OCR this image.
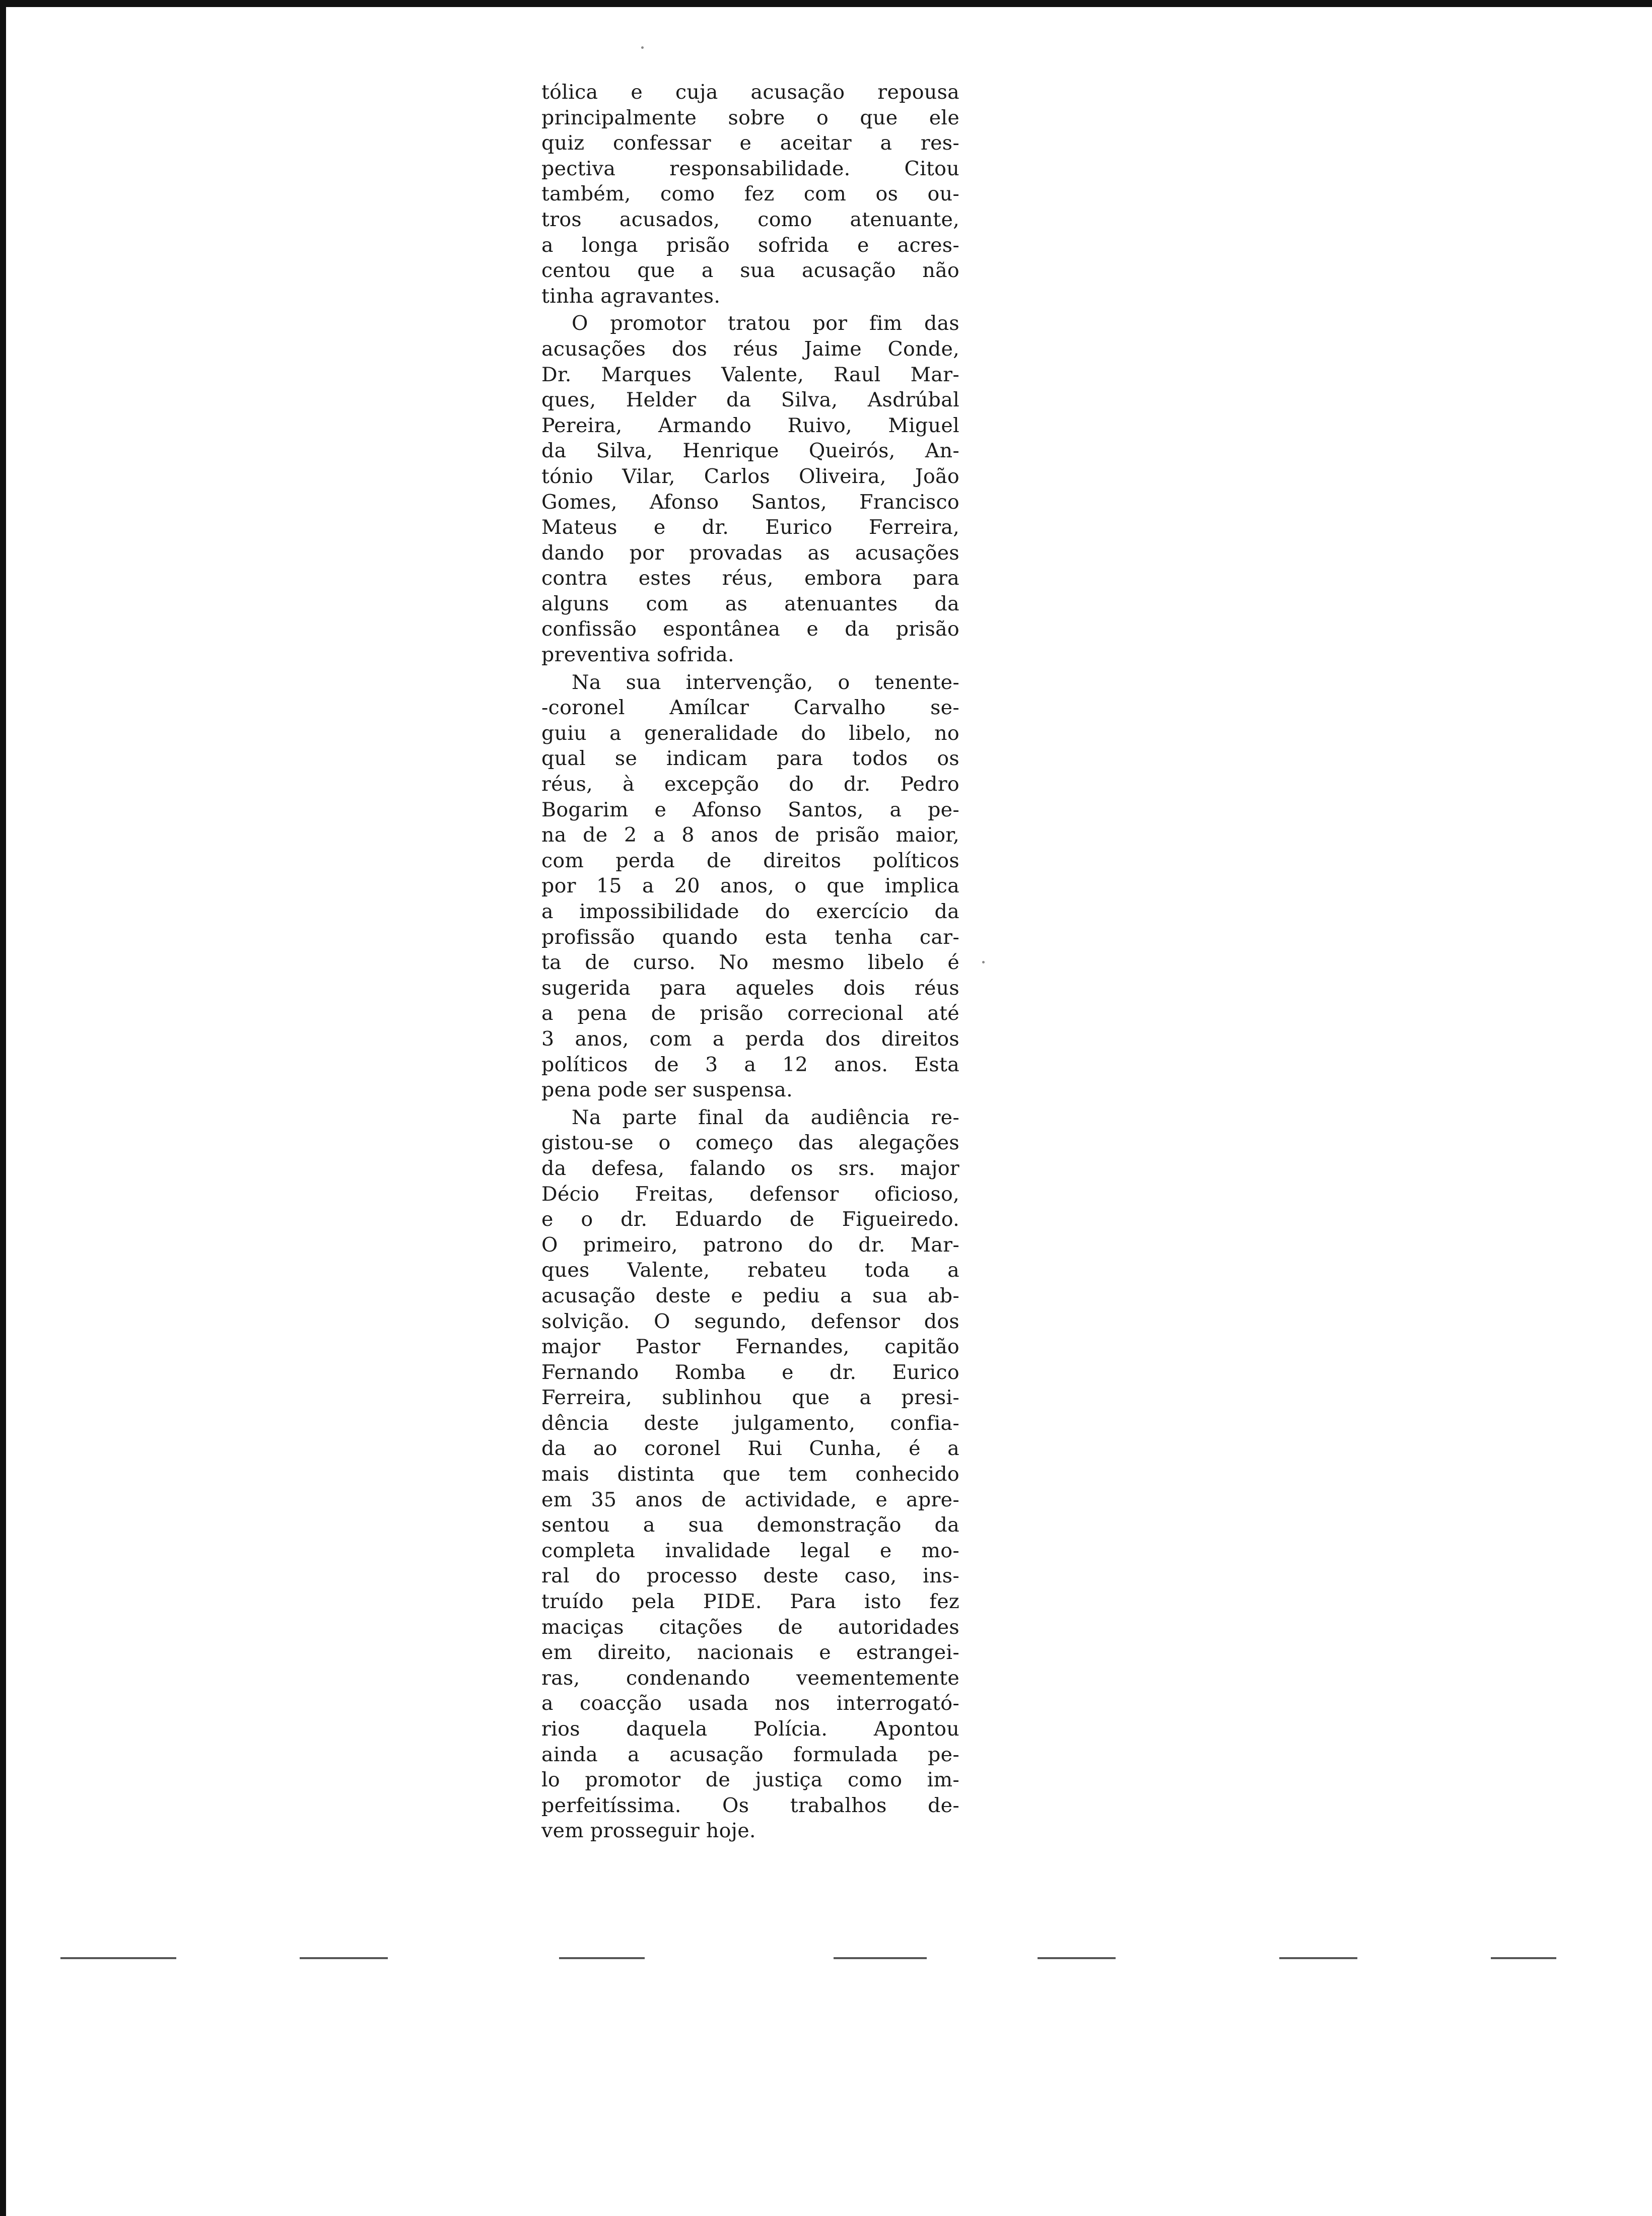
tólica e cuja acusação repousa
principalmente sobre o que ele
quiz confessar e aceitar a res-
pectiva responsabilidade. Citou
também, como fez com os ou-
tros acusados, como atenuante,
a longa prisão sofrida e acres-
centou que a sua acusação não
tinha agravantes.

O promotor tratou por fim das
acusações dos réus Jaime Conde,
Dr. Marques Valente, Raul Mar-
ques, Helder da Silva, Asdrúbal
Pereira, Armando Ruivo, Miguel
da Silva, Henrique Queirós, An-
tónio Vilar, Carlos Oliveira, João
Gomes, Afonso Santos, Francisco
Mateus e dr. Eurico Ferreira,
dando por provadas as acusações
contra estes réus, embora para
alguns com as atenuantes da
confissão espontânea e da prisão
preventiva sofrida.

Na sua intervenção, o tenente-
-coronel Amílcar Carvalho se-
guiu a generalidade do libelo, no
qual se indicam para todos os
réus, à excepção do dr. Pedro
Bogarim e Afonso Santos, a pe-
na de 2 a 8 anos de prisão maior,
com perda de direitos políticos
por 15 a 20 anos, o que implica
a impossibilidade do exercício da
profissão quando esta tenha car-
ta de curso. No mesmo libelo é
sugerida para aqueles dois réus
a pena de prisão correcional até
3 anos, com a perda dos direitos
políticos de 3 a 12 anos. Esta
pena pode ser suspensa.

Na parte final da audiência re-
gistou-se o começo das alegações
da defesa, falando os srs. major
Décio Freitas, defensor oficioso,
e o dr. Eduardo de Figueiredo.
O primeiro, patrono do dr. Mar-
ques Valente, rebateu toda a
acusação deste e pediu a sua ab-
solvição. O segundo, defensor dos
major Pastor Fernandes, capitão
Fernando Romba e dr. Eurico
Ferreira, sublinhou que a presi-
dência deste julgamento, confia-
da ao coronel Rui Cunha, é a
mais distinta que tem conhecido
em 35 anos de actividade, e apre-
sentou a sua demonstração da
completa invalidade legal e mo-
ral do processo deste caso, ins-
truído pela PIDE. Para isto fez
maciças citações de autoridades
em direito, nacionais e estrangei-
ras, condenando veementemente
a coacção usada nos interrogató-
rios daquela Polícia. Apontou
ainda a acusação formulada pe-
lo promotor de justiça como im-
perfeitíssima. Os trabalhos de-
vem prosseguir hoje.
